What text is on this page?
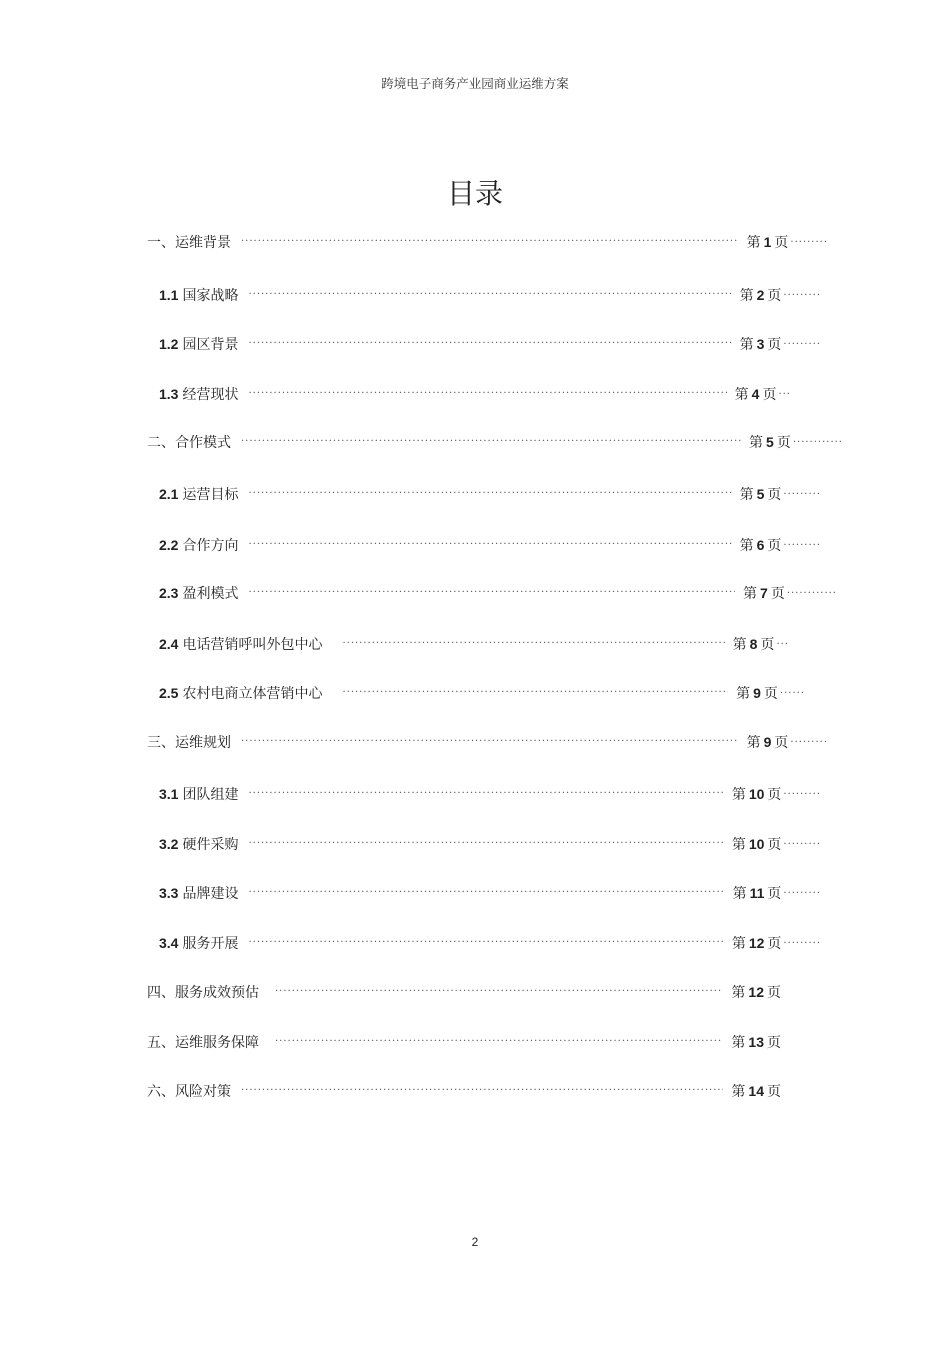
跨境电子商务产业园商业运维方案
目录
一、运维背景 ·····	第 1 页 ·········
1.1 国家战略 ·····	第 2 页 ·········
1.2 园区背景 ·····	第 3 页 ·········
1.3 经营现状 ·····	第 4 页 ···
二、合作模式 ·····	第 5 页 ············
2.1 运营目标 ·····	第 5 页 ·········
2.2 合作方向 ·····	第 6 页 ·········
2.3 盈利模式 ·····	第 7 页 ············
2.4 电话营销呼叫外包中心 ·····	第 8 页 ···
2.5 农村电商立体营销中心 ·····	第 9 页 ······
三、运维规划 ·····	第 9 页 ·········
3.1 团队组建 ·····	第 10 页 ·········
3.2 硬件采购 ·····	第 10 页 ·········
3.3 品牌建设 ·····	第 11 页 ·········
3.4 服务开展 ·····	第 12 页 ·········
四、服务成效预估 ·····	第 12 页
五、运维服务保障 ·····	第 13 页
六、风险对策 ·····	第 14 页
2
